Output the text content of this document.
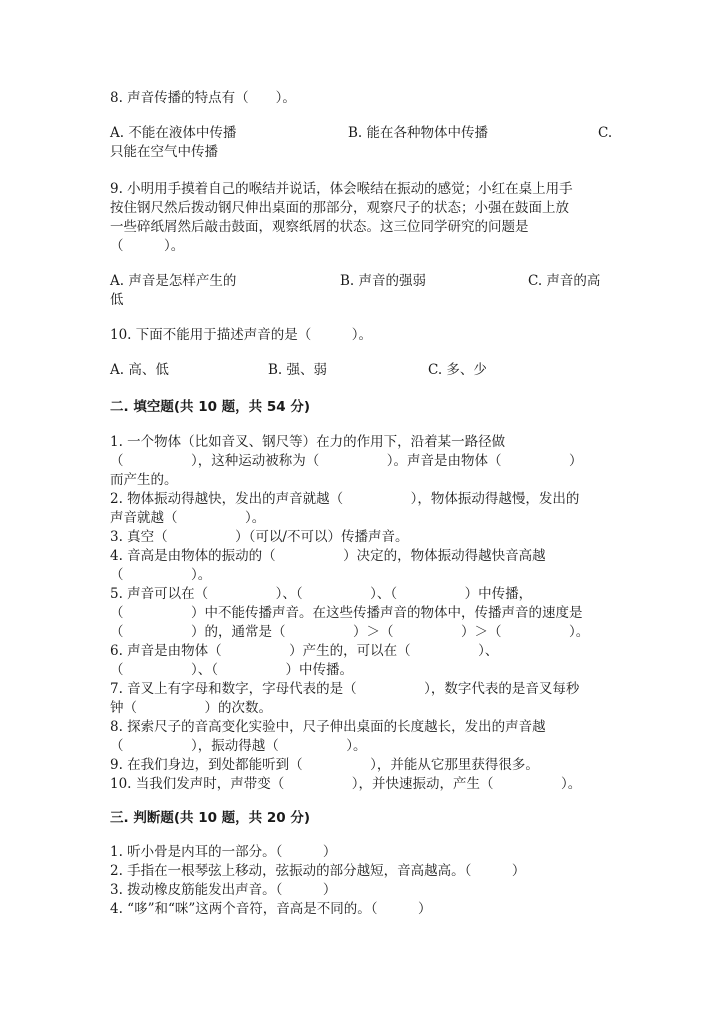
8. 声音传播的特点有（　　）。
A. 不能在液体中传播	B. 能在各种物体中传播	C.
只能在空气中传播
9. 小明用手摸着自己的喉结并说话，体会喉结在振动的感觉；小红在桌上用手
按住钢尺然后拨动钢尺伸出桌面的那部分，观察尺子的状态；小强在鼓面上放
一些碎纸屑然后敲击鼓面，观察纸屑的状态。这三位同学研究的问题是
（　　　）。
A. 声音是怎样产生的	B. 声音的强弱	C. 声音的高
低
10. 下面不能用于描述声音的是（　　　）。
A. 高、低	B. 强、弱	C. 多、少
二. 填空题(共 10 题，共 54 分)
1. 一个物体（比如音叉、钢尺等）在力的作用下，沿着某一路径做
（　　　　　），这种运动被称为（　　　　　）。声音是由物体（　　　　　）
而产生的。
2. 物体振动得越快，发出的声音就越（　　　　　），物体振动得越慢，发出的
声音就越（　　　　　）。
3. 真空（　　　　　）（可以/不可以）传播声音。
4. 音高是由物体的振动的（　　　　　）决定的，物体振动得越快音高越
（　　　　　）。
5. 声音可以在（　　　　　）、（　　　　　）、（　　　　　）中传播，
（　　　　　）中不能传播声音。在这些传播声音的物体中，传播声音的速度是
（　　　　　）的，通常是（　　　　　）＞（　　　　　）＞（　　　　　）。
6. 声音是由物体（　　　　　）产生的，可以在（　　　　　）、
（　　　　　）、（　　　　　）中传播。
7. 音叉上有字母和数字，字母代表的是（　　　　　），数字代表的是音叉每秒
钟（　　　　　）的次数。
8. 探索尺子的音高变化实验中，尺子伸出桌面的长度越长，发出的声音越
（　　　　　），振动得越（　　　　　）。
9. 在我们身边，到处都能听到（　　　　　），并能从它那里获得很多。
10. 当我们发声时，声带变（　　　　　），并快速振动，产生（　　　　　）。
三. 判断题(共 10 题，共 20 分)
1. 听小骨是内耳的一部分。（　　　）
2. 手指在一根琴弦上移动，弦振动的部分越短，音高越高。（　　　）
3. 拨动橡皮筋能发出声音。（　　　）
4. “哆”和“咪”这两个音符，音高是不同的。（　　　）
